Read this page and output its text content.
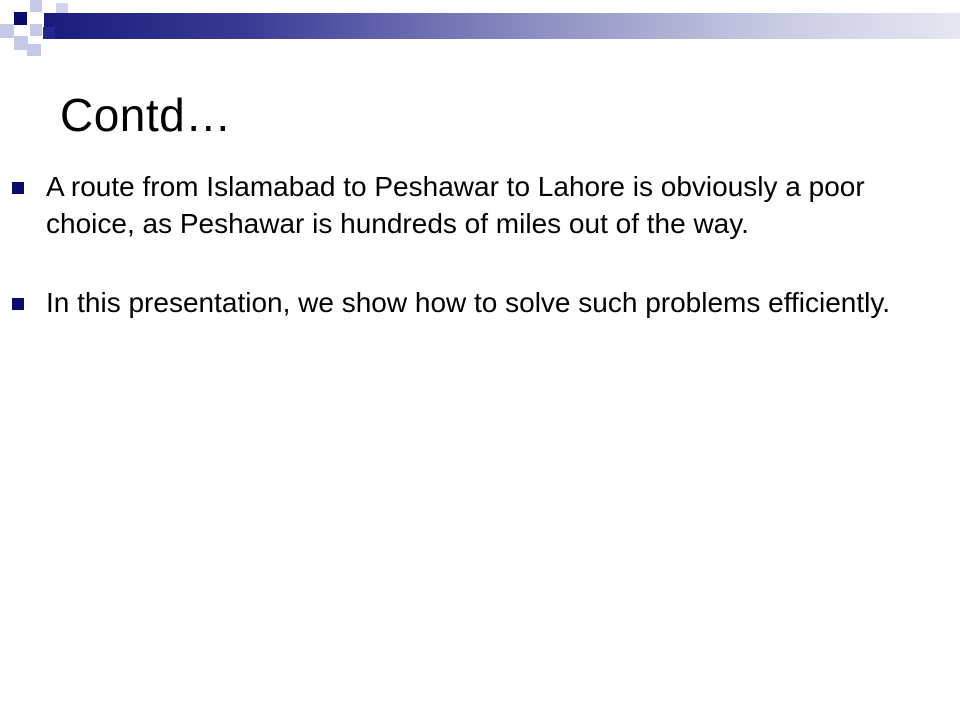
Contd…
A route from Islamabad to Peshawar to Lahore is obviously a poor choice, as Peshawar is hundreds of miles out of the way.
In this presentation, we show how to solve such problems efficiently.
